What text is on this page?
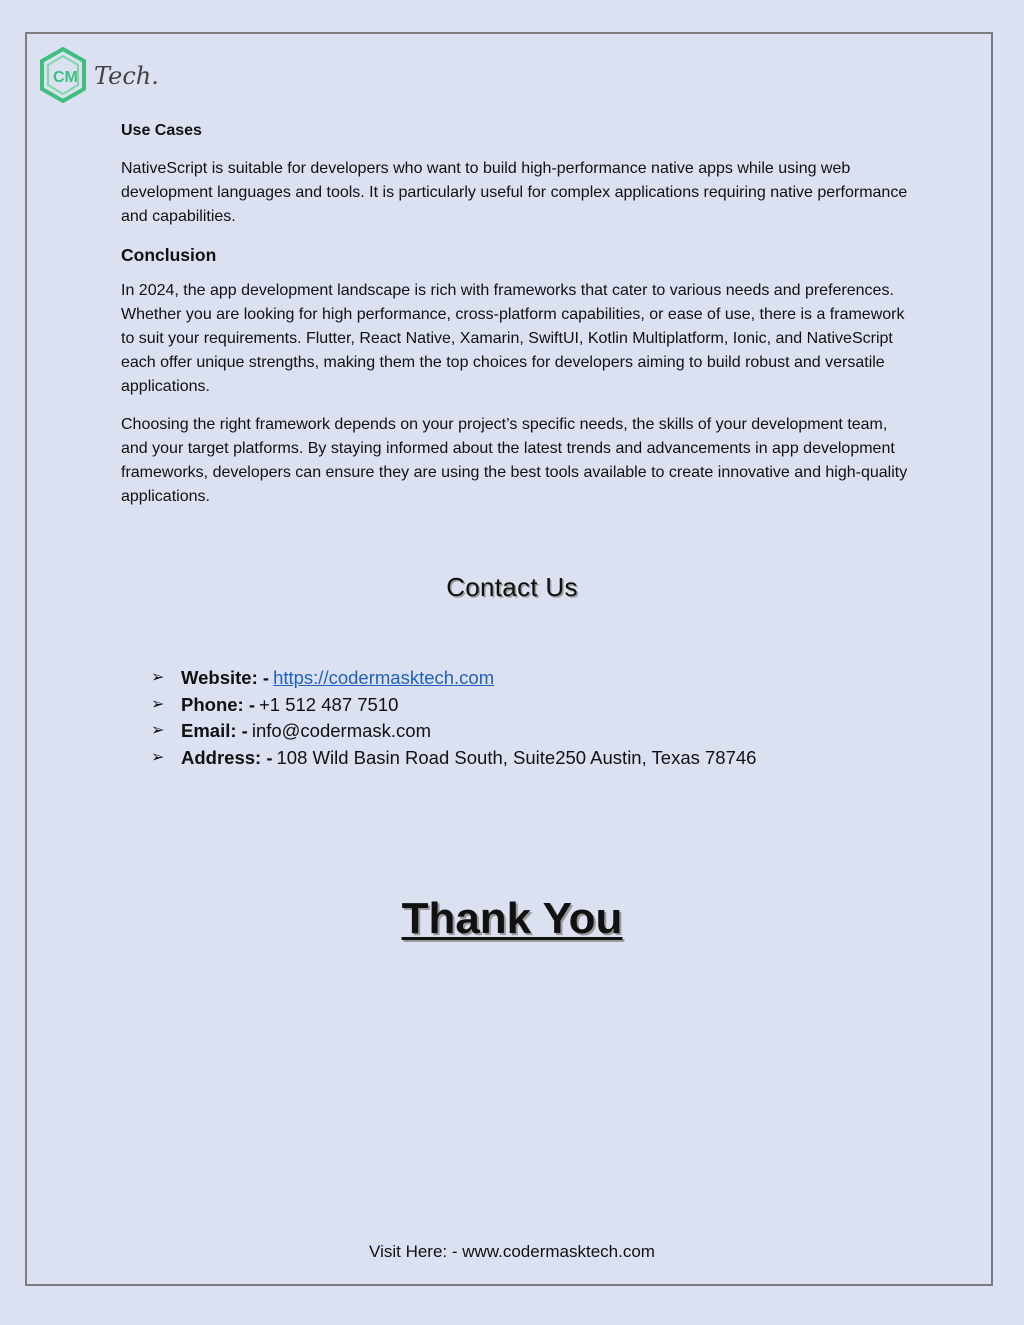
CM Tech.
Use Cases

NativeScript is suitable for developers who want to build high-performance native apps while using web development languages and tools. It is particularly useful for complex applications requiring native performance and capabilities.

Conclusion

In 2024, the app development landscape is rich with frameworks that cater to various needs and preferences. Whether you are looking for high performance, cross-platform capabilities, or ease of use, there is a framework to suit your requirements. Flutter, React Native, Xamarin, SwiftUI, Kotlin Multiplatform, Ionic, and NativeScript each offer unique strengths, making them the top choices for developers aiming to build robust and versatile applications.

Choosing the right framework depends on your project’s specific needs, the skills of your development team, and your target platforms. By staying informed about the latest trends and advancements in app development frameworks, developers can ensure they are using the best tools available to create innovative and high-quality applications.

Contact Us
➢ Website: - https://codermasktech.com
➢ Phone: - +1 512 487 7510
➢ Email: - info@codermask.com
➢ Address: - 108 Wild Basin Road South, Suite250 Austin, Texas 78746
Thank You
Visit Here: - www.codermasktech.com
